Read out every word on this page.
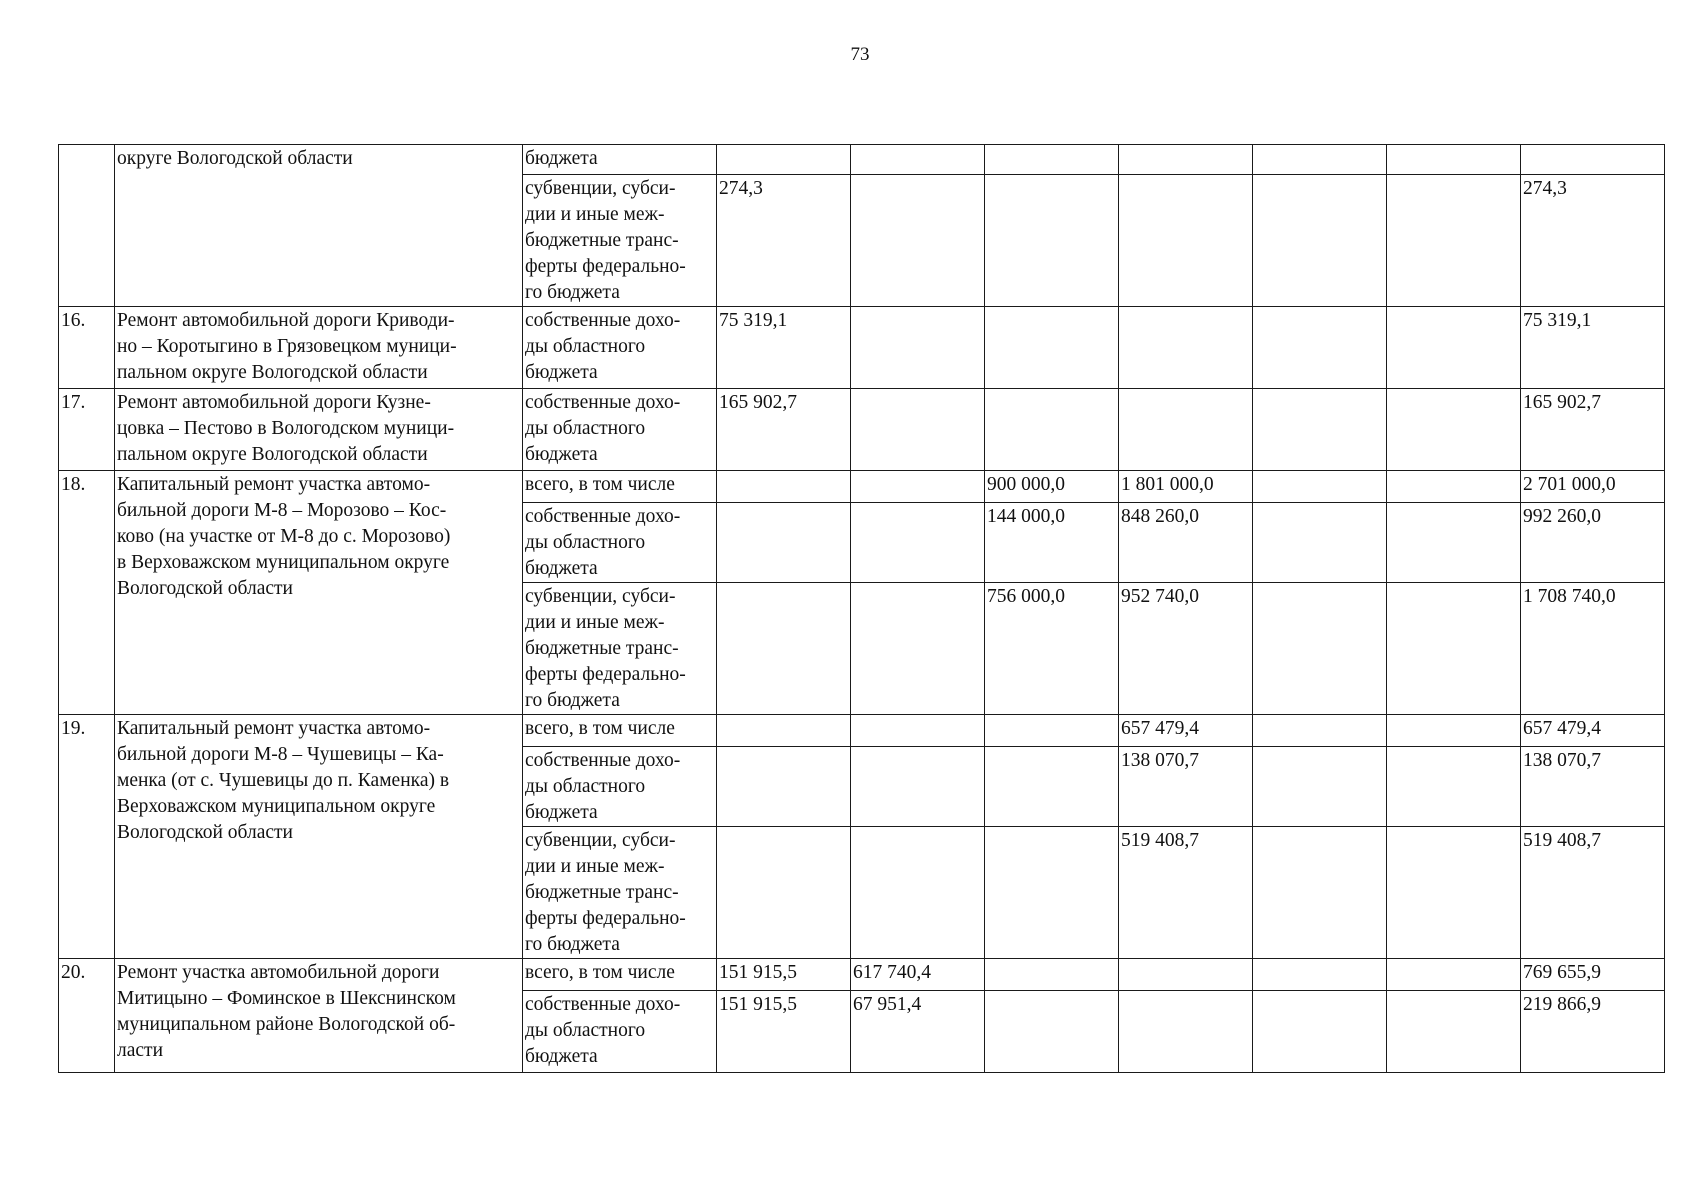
73
	округе Вологодской области	бюджета							
		субвенции, субси-
дии и иные меж-
бюджетные транс-
ферты федерально-
го бюджета	274,3						274,3
16.	Ремонт автомобильной дороги Криводи-
но – Коротыгино в Грязовецком муници-
пальном округе Вологодской области	собственные дохо-
ды областного
бюджета	75 319,1						75 319,1
17.	Ремонт автомобильной дороги Кузне-
цовка – Пестово в Вологодском муници-
пальном округе Вологодской области	собственные дохо-
ды областного
бюджета	165 902,7						165 902,7
18.	Капитальный ремонт участка автомо-
бильной дороги М-8 – Морозово – Кос-
ково (на участке от М-8 до с. Морозово)
в Верховажском муниципальном округе
Вологодской области	всего, в том числе			900 000,0	1 801 000,0			2 701 000,0
		собственные дохо-
ды областного
бюджета			144 000,0	848 260,0			992 260,0
		субвенции, субси-
дии и иные меж-
бюджетные транс-
ферты федерально-
го бюджета			756 000,0	952 740,0			1 708 740,0
19.	Капитальный ремонт участка автомо-
бильной дороги М-8 – Чушевицы – Ка-
менка (от с. Чушевицы до п. Каменка) в
Верховажском муниципальном округе
Вологодской области	всего, в том числе				657 479,4			657 479,4
		собственные дохо-
ды областного
бюджета				138 070,7			138 070,7
		субвенции, субси-
дии и иные меж-
бюджетные транс-
ферты федерально-
го бюджета				519 408,7			519 408,7
20.	Ремонт участка автомобильной дороги
Митицыно – Фоминское в Шекснинском
муниципальном районе Вологодской об-
ласти	всего, в том числе	151 915,5	617 740,4					769 655,9
		собственные дохо-
ды областного
бюджета	151 915,5	67 951,4					219 866,9
